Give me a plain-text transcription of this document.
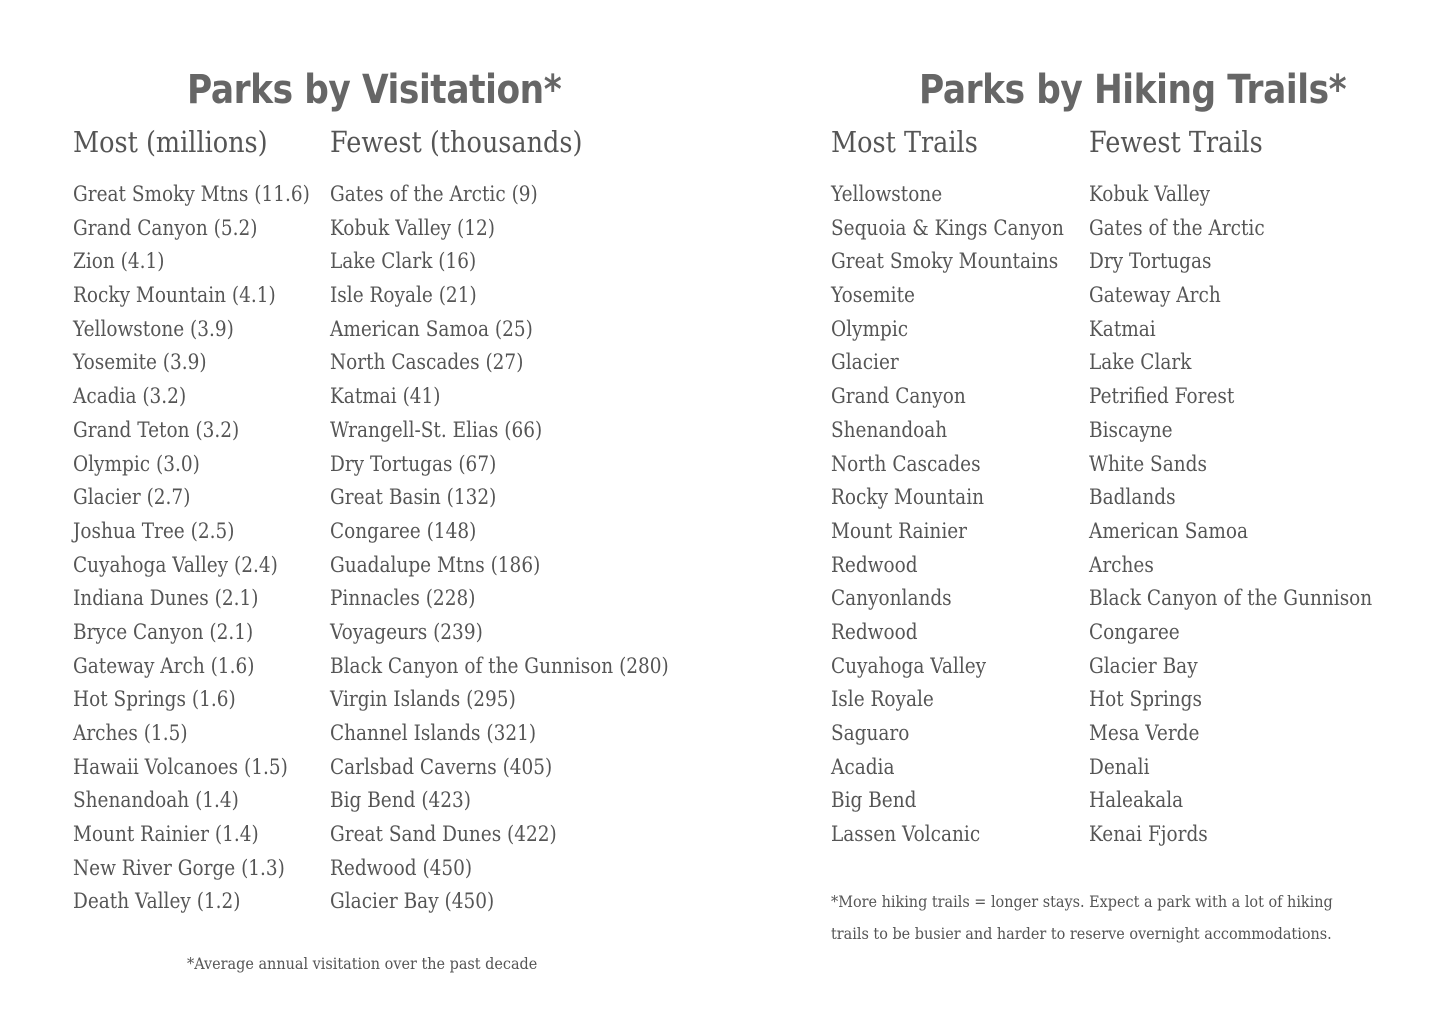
Parks by Visitation*
Most (millions)
Great Smoky Mtns (11.6)
Grand Canyon (5.2)
Zion (4.1)
Rocky Mountain (4.1)
Yellowstone (3.9)
Yosemite (3.9)
Acadia (3.2)
Grand Teton (3.2)
Olympic (3.0)
Glacier (2.7)
Joshua Tree (2.5)
Cuyahoga Valley (2.4)
Indiana Dunes (2.1)
Bryce Canyon (2.1)
Gateway Arch (1.6)
Hot Springs (1.6)
Arches (1.5)
Hawaii Volcanoes (1.5)
Shenandoah (1.4)
Mount Rainier (1.4)
New River Gorge (1.3)
Death Valley (1.2)
Fewest (thousands)
Gates of the Arctic (9)
Kobuk Valley (12)
Lake Clark (16)
Isle Royale (21)
American Samoa (25)
North Cascades (27)
Katmai (41)
Wrangell-St. Elias (66)
Dry Tortugas (67)
Great Basin (132)
Congaree (148)
Guadalupe Mtns (186)
Pinnacles (228)
Voyageurs (239)
Black Canyon of the Gunnison (280)
Virgin Islands (295)
Channel Islands (321)
Carlsbad Caverns (405)
Big Bend (423)
Great Sand Dunes (422)
Redwood (450)
Glacier Bay (450)
*Average annual visitation over the past decade
Parks by Hiking Trails*
Most Trails
Yellowstone
Sequoia & Kings Canyon
Great Smoky Mountains
Yosemite
Olympic
Glacier
Grand Canyon
Shenandoah
North Cascades
Rocky Mountain
Mount Rainier
Redwood
Canyonlands
Redwood
Cuyahoga Valley
Isle Royale
Saguaro
Acadia
Big Bend
Lassen Volcanic
Fewest Trails
Kobuk Valley
Gates of the Arctic
Dry Tortugas
Gateway Arch
Katmai
Lake Clark
Petrified Forest
Biscayne
White Sands
Badlands
American Samoa
Arches
Black Canyon of the Gunnison
Congaree
Glacier Bay
Hot Springs
Mesa Verde
Denali
Haleakala
Kenai Fjords
*More hiking trails = longer stays. Expect a park with a lot of hiking trails to be busier and harder to reserve overnight accommodations.
